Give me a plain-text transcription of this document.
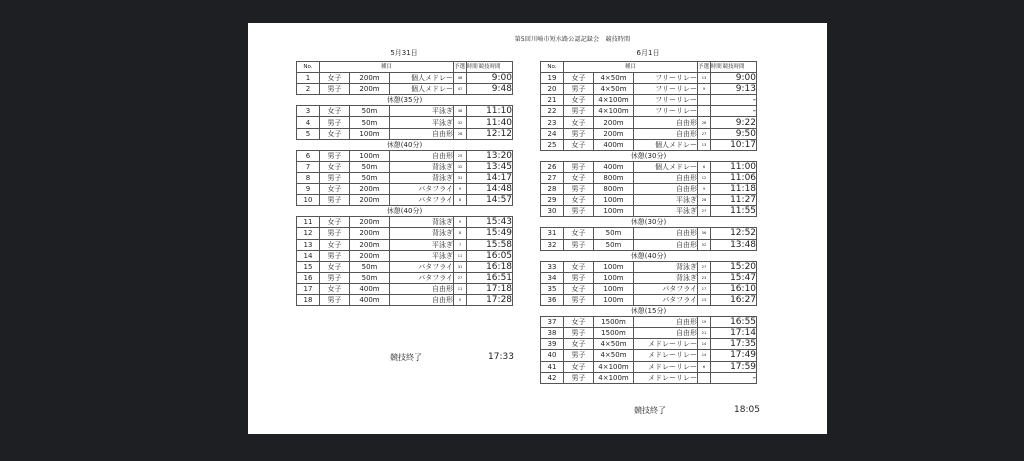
第5回川崎市短水路公認記録会　競技時間
5月31日
No.	種目			予選 時間	競技時間
1	女子	200m	個人メドレー	48	9:00
2	男子	200m	個人メドレー	47	9:48
休憩(35分)					
3	女子	50m	平泳ぎ	38	11:10
4	男子	50m	平泳ぎ	32	11:40
5	女子	100m	自由形	28	12:12
休憩(40分)					
6	男子	100m	自由形	25	13:20
7	女子	50m	背泳ぎ	32	13:45
8	男子	50m	背泳ぎ	31	14:17
9	女子	200m	バタフライ	9	14:48
10	男子	200m	バタフライ	8	14:57
休憩(40分)					
11	女子	200m	背泳ぎ	9	15:43
12	男子	200m	背泳ぎ	8	15:49
13	女子	200m	平泳ぎ	7	15:58
14	男子	200m	平泳ぎ	11	16:05
15	女子	50m	バタフライ	31	16:18
16	男子	50m	バタフライ	27	16:51
17	女子	400m	自由形	11	17:18
18	男子	400m	自由形	5	17:28
競技終了	17:33
6月1日
No.	種目			予選 時間	競技時間
19	女子	4×50m	フリーリレー	13	9:00
20	男子	4×50m	フリーリレー	9	9:13
21	女子	4×100m	フリーリレー		-
22	男子	4×100m	フリーリレー		-
23	女子	200m	自由形	26	9:22
24	男子	200m	自由形	27	9:50
25	女子	400m	個人メドレー	13	10:17
休憩(30分)					
26	男子	400m	個人メドレー	6	11:00
27	女子	800m	自由形	12	11:06
28	男子	800m	自由形	9	11:18
29	女子	100m	平泳ぎ	28	11:27
30	男子	100m	平泳ぎ	27	11:55
休憩(30分)					
31	女子	50m	自由形	56	12:52
32	男子	50m	自由形	52	13:48
休憩(40分)					
33	女子	100m	背泳ぎ	27	15:20
34	男子	100m	背泳ぎ	23	15:47
35	女子	100m	バタフライ	17	16:10
36	男子	100m	バタフライ	13	16:27
休憩(15分)					
37	女子	1500m	自由形	19	16:55
38	男子	1500m	自由形	21	17:14
39	女子	4×50m	メドレーリレー	14	17:35
40	男子	4×50m	メドレーリレー	14	17:49
41	女子	4×100m	メドレーリレー	6	17:59
42	男子	4×100m	メドレーリレー		-
競技終了	18:05
